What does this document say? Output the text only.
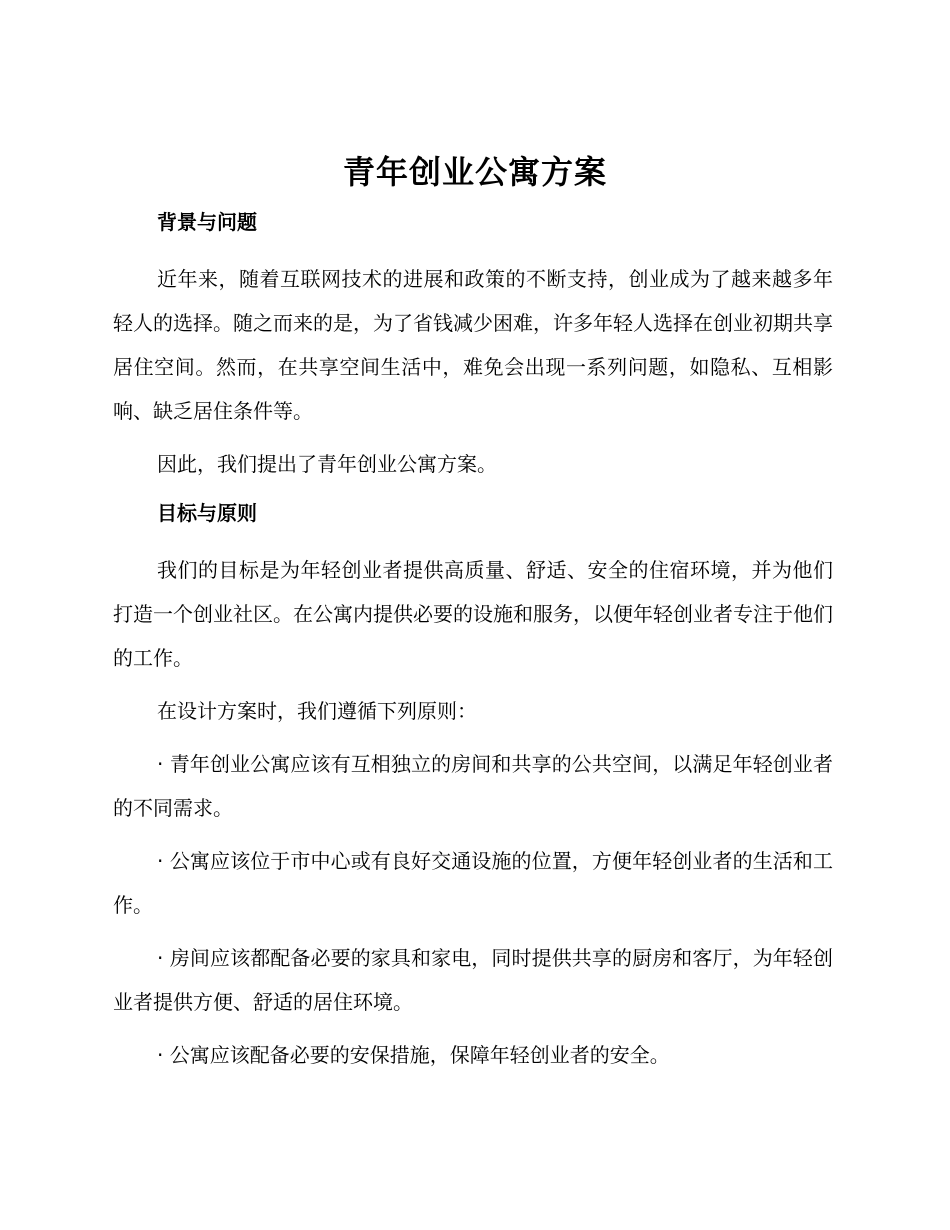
青年创业公寓方案
背景与问题

近年来，随着互联网技术的进展和政策的不断支持，创业成为了越来越多年轻人的选择。随之而来的是，为了省钱减少困难，许多年轻人选择在创业初期共享居住空间。然而，在共享空间生活中，难免会出现一系列问题，如隐私、互相影响、缺乏居住条件等。

因此，我们提出了青年创业公寓方案。

目标与原则

我们的目标是为年轻创业者提供高质量、舒适、安全的住宿环境，并为他们打造一个创业社区。在公寓内提供必要的设施和服务，以便年轻创业者专注于他们的工作。

在设计方案时，我们遵循下列原则：

· 青年创业公寓应该有互相独立的房间和共享的公共空间，以满足年轻创业者的不同需求。

· 公寓应该位于市中心或有良好交通设施的位置，方便年轻创业者的生活和工作。

· 房间应该都配备必要的家具和家电，同时提供共享的厨房和客厅，为年轻创业者提供方便、舒适的居住环境。

· 公寓应该配备必要的安保措施，保障年轻创业者的安全。
